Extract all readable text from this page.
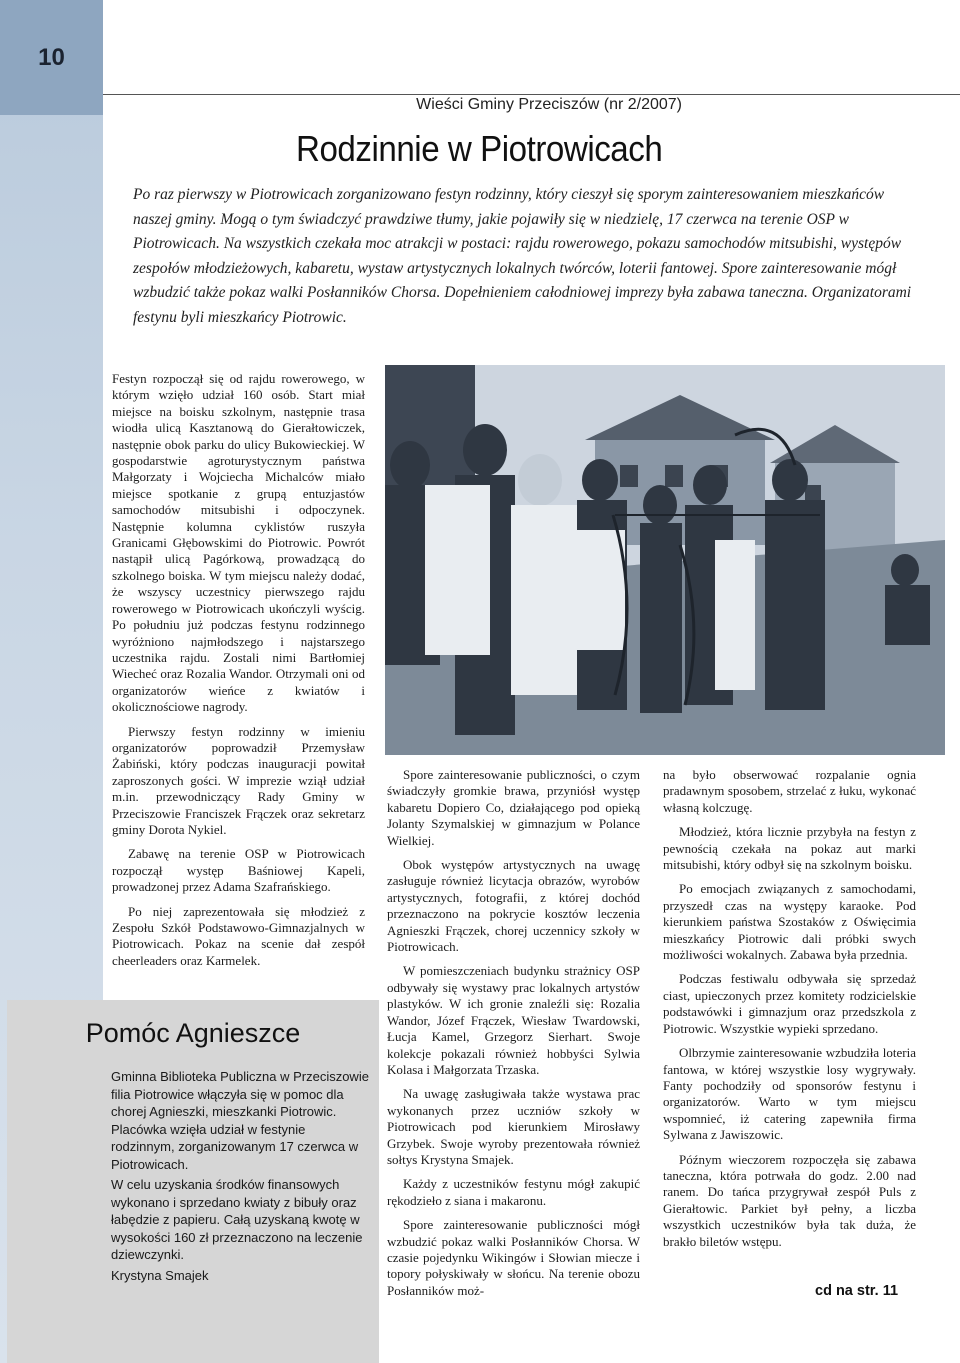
10
Wieści Gminy Przeciszów (nr 2/2007)
Rodzinnie w Piotrowicach

Po raz pierwszy w Piotrowicach zorganizowano festyn rodzinny, który cieszył się sporym zainteresowaniem mieszkańców naszej gminy. Mogą o tym świadczyć prawdziwe tłumy, jakie pojawiły się w niedzielę, 17 czerwca na terenie OSP w Piotrowicach. Na wszystkich czekała moc atrakcji w postaci: rajdu rowerowego, pokazu samochodów mitsubishi, występów zespołów młodzieżowych, kabaretu, wystaw artystycznych lokalnych twórców, loterii fantowej. Spore zainteresowanie mógł wzbudzić także pokaz walki Posłanników Chorsa. Dopełnieniem całodniowej imprezy była zabawa taneczna. Organizatorami festynu byli mieszkańcy Piotrowic.

Festyn rozpoczął się od rajdu rowerowego, w którym wzięło udział 160 osób. Start miał miejsce na boisku szkolnym, następnie trasa wiodła ulicą Kasztanową do Gierałtowiczek, następnie obok parku do ulicy Bukowieckiej. W gospodarstwie agroturystycznym państwa Małgorzaty i Wojciecha Michalców miało miejsce spotkanie z grupą entuzjastów samochodów mitsubishi i odpoczynek. Następnie kolumna cyklistów ruszyła Granicami Głębowskimi do Piotrowic. Powrót nastąpił ulicą Pagórkową, prowadzącą do szkolnego boiska. W tym miejscu należy dodać, że wszyscy uczestnicy pierwszego rajdu rowerowego w Piotrowicach ukończyli wyścig. Po południu już podczas festynu rodzinnego wyróżniono najmłodszego i najstarszego uczestnika rajdu. Zostali nimi Bartłomiej Wiecheć oraz Rozalia Wandor. Otrzymali oni od organizatorów wieńce z kwiatów i okolicznościowe nagrody.

Pierwszy festyn rodzinny w imieniu organizatorów poprowadził Przemysław Żabiński, który podczas inauguracji powitał zaproszonych gości. W imprezie wziął udział m.in. przewodniczący Rady Gminy w Przeciszowie Franciszek Frączek oraz sekretarz gminy Dorota Nykiel.

Zabawę na terenie OSP w Piotrowicach rozpoczął występ Baśniowej Kapeli, prowadzonej przez Adama Szafrańskiego.

Po niej zaprezentowała się młodzież z Zespołu Szkół Podstawowo-Gimnazjalnych w Piotrowicach. Pokaz na scenie dał zespół cheerleaders oraz Karmelek.

Spore zainteresowanie publiczności, o czym świadczyły gromkie brawa, przyniósł występ kabaretu Dopiero Co, działającego pod opieką Jolanty Szymalskiej w gimnazjum w Polance Wielkiej.

Obok występów artystycznych na uwagę zasługuje również licytacja obrazów, wyrobów artystycznych, fotografii, z której dochód przeznaczono na pokrycie kosztów leczenia Agnieszki Frączek, chorej uczennicy szkoły w Piotrowicach.

W pomieszczeniach budynku strażnicy OSP odbywały się wystawy prac lokalnych artystów plastyków. W ich gronie znaleźli się: Rozalia Wandor, Józef Frączek, Wiesław Twardowski, Łucja Kamel, Grzegorz Sierhart. Swoje kolekcje pokazali również hobbyści Sylwia Kolasa i Małgorzata Trzaska.

Na uwagę zasługiwała także wystawa prac wykonanych przez uczniów szkoły w Piotrowicach pod kierunkiem Mirosławy Grzybek. Swoje wyroby prezentowała również sołtys Krystyna Smajek.

Każdy z uczestników festynu mógł zakupić rękodzieło z siana i makaronu.

Spore zainteresowanie publiczności mógł wzbudzić pokaz walki Posłanników Chorsa. W czasie pojedynku Wikingów i Słowian miecze i topory połyskiwały w słońcu. Na terenie obozu Posłanników moż-

na było obserwować rozpalanie ognia pradawnym sposobem, strzelać z łuku, wykonać własną kolczugę.

Młodzież, która licznie przybyła na festyn z pewnością czekała na pokaz aut marki mitsubishi, który odbył się na szkolnym boisku.

Po emocjach związanych z samochodami, przyszedł czas na występy karaoke. Pod kierunkiem państwa Szostaków z Oświęcimia mieszkańcy Piotrowic dali próbki swych możliwości wokalnych. Zabawa była przednia.

Podczas festiwalu odbywała się sprzedaż ciast, upieczonych przez komitety rodzicielskie podstawówki i gimnazjum oraz przedszkola z Piotrowic. Wszystkie wypieki sprzedano.

Olbrzymie zainteresowanie wzbudziła loteria fantowa, w której wszystkie losy wygrywały. Fanty pochodziły od sponsorów festynu i organizatorów. Warto w tym miejscu wspomnieć, iż catering zapewniła firma Sylwana z Jawiszowic.

Późnym wieczorem rozpoczęła się zabawa taneczna, która potrwała do godz. 2.00 nad ranem. Do tańca przygrywał zespół Puls z Gierałtowic. Parkiet był pełny, a liczba wszystkich uczestników była tak duża, że brakło biletów wstępu.

cd na str. 11
Pomóc Agnieszce

Gminna Biblioteka Publiczna w Przeciszowie filia Piotrowice włączyła się w pomoc dla chorej Agnieszki, mieszkanki Piotrowic. Placówka wzięła udział w festynie rodzinnym, zorganizowanym 17 czerwca w Piotrowicach.

W celu uzyskania środków finansowych wykonano i sprzedano kwiaty z bibuły oraz łabędzie z papieru. Całą uzyskaną kwotę w wysokości 160 zł przeznaczono na leczenie dziewczynki.

Krystyna Smajek
